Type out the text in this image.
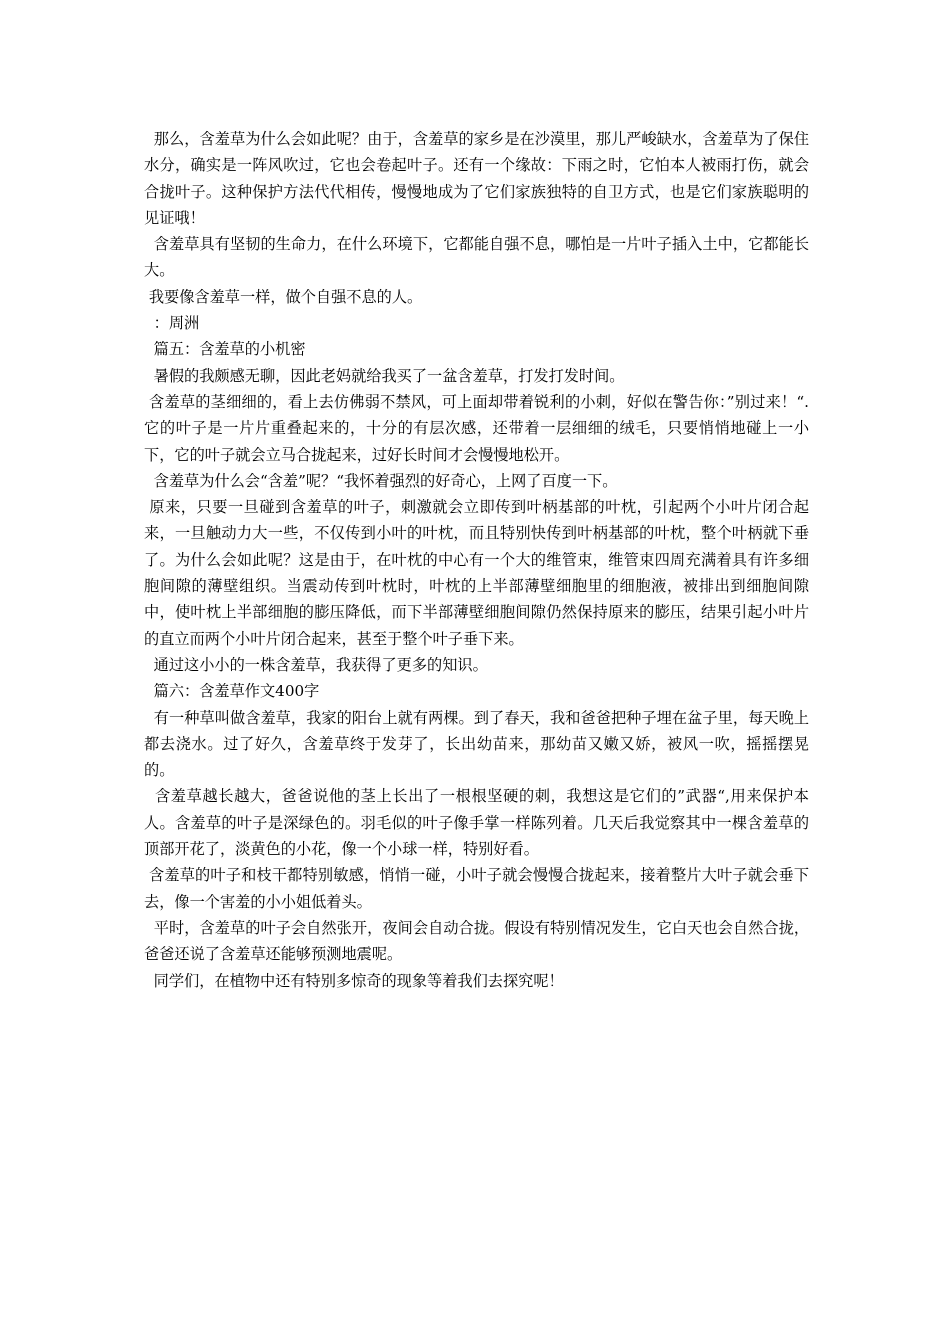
那么，含羞草为什么会如此呢？由于，含羞草的家乡是在沙漠里，那儿严峻缺水，含羞草为了保住水分，确实是一阵风吹过，它也会卷起叶子。还有一个缘故：下雨之时，它怕本人被雨打伤，就会合拢叶子。这种保护方法代代相传，慢慢地成为了它们家族独特的自卫方式，也是它们家族聪明的见证哦！

含羞草具有坚韧的生命力，在什么环境下，它都能自强不息，哪怕是一片叶子插入土中，它都能长大。

我要像含羞草一样，做个自强不息的人。

：周洲

篇五：含羞草的小机密

暑假的我颇感无聊，因此老妈就给我买了一盆含羞草，打发打发时间。

含羞草的茎细细的，看上去仿佛弱不禁风，可上面却带着锐利的小刺，好似在警告你：”别过来！“.它的叶子是一片片重叠起来的，十分的有层次感，还带着一层细细的绒毛，只要悄悄地碰上一小下，它的叶子就会立马合拢起来，过好长时间才会慢慢地松开。

含羞草为什么会“含羞”呢？“我怀着强烈的好奇心，上网了百度一下。

原来，只要一旦碰到含羞草的叶子，刺激就会立即传到叶柄基部的叶枕，引起两个小叶片闭合起来，一旦触动力大一些，不仅传到小叶的叶枕，而且特别快传到叶柄基部的叶枕，整个叶柄就下垂了。为什么会如此呢？这是由于，在叶枕的中心有一个大的维管束，维管束四周充满着具有许多细胞间隙的薄壁组织。当震动传到叶枕时，叶枕的上半部薄壁细胞里的细胞液，被排出到细胞间隙中，使叶枕上半部细胞的膨压降低，而下半部薄壁细胞间隙仍然保持原来的膨压，结果引起小叶片的直立而两个小叶片闭合起来，甚至于整个叶子垂下来。

通过这小小的一株含羞草，我获得了更多的知识。

篇六：含羞草作文400字

有一种草叫做含羞草，我家的阳台上就有两棵。到了春天，我和爸爸把种子埋在盆子里，每天晚上都去浇水。过了好久，含羞草终于发芽了，长出幼苗来，那幼苗又嫩又娇，被风一吹，摇摇摆晃的。

含羞草越长越大，爸爸说他的茎上长出了一根根坚硬的刺，我想这是它们的”武器“,用来保护本人。含羞草的叶子是深绿色的。羽毛似的叶子像手掌一样陈列着。几天后我觉察其中一棵含羞草的顶部开花了，淡黄色的小花，像一个小球一样，特别好看。

含羞草的叶子和枝干都特别敏感，悄悄一碰，小叶子就会慢慢合拢起来，接着整片大叶子就会垂下去，像一个害羞的小小姐低着头。

平时，含羞草的叶子会自然张开，夜间会自动合拢。假设有特别情况发生，它白天也会自然合拢，爸爸还说了含羞草还能够预测地震呢。

同学们，在植物中还有特别多惊奇的现象等着我们去探究呢！
